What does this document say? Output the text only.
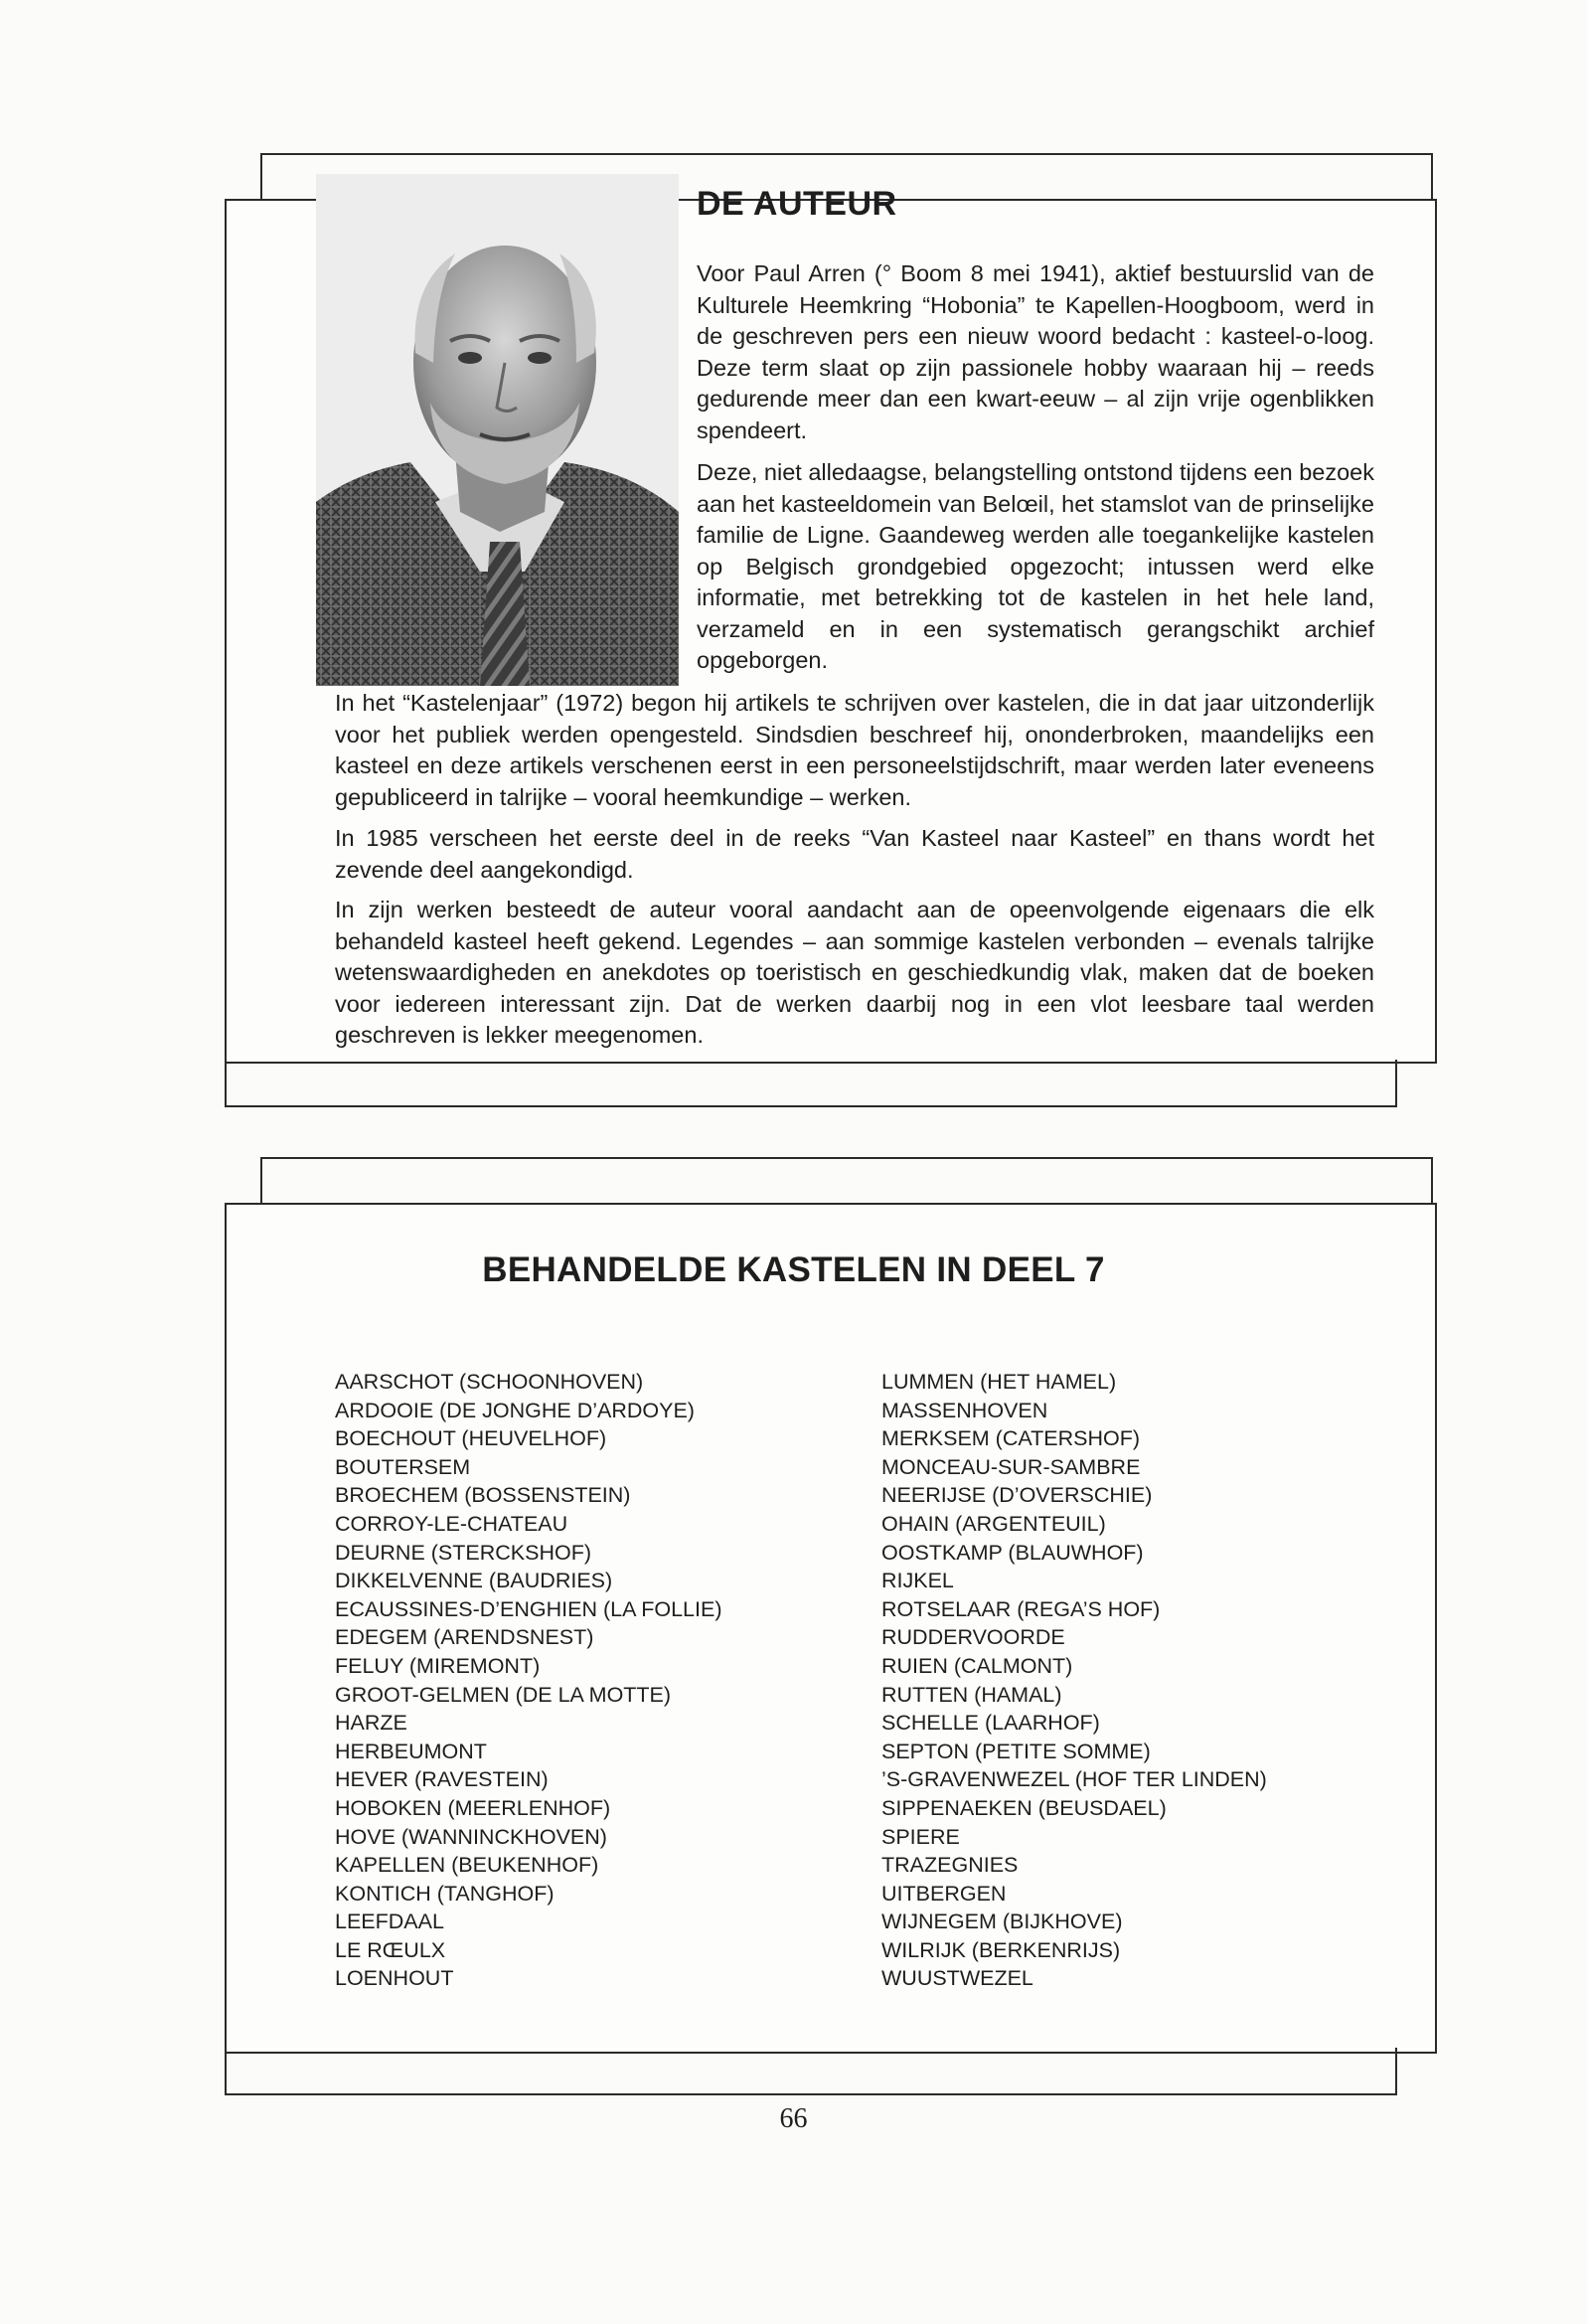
DE AUTEUR

Voor Paul Arren (° Boom 8 mei 1941), aktief bestuurslid van de Kulturele Heemkring “Hobonia” te Kapellen-Hoogboom, werd in de geschreven pers een nieuw woord bedacht : kasteel-o-loog. Deze term slaat op zijn passionele hobby waaraan hij – reeds gedurende meer dan een kwart-eeuw – al zijn vrije ogenblikken spendeert.

Deze, niet alledaagse, belangstelling ontstond tijdens een bezoek aan het kasteeldomein van Belœil, het stamslot van de prinselijke familie de Ligne. Gaandeweg werden alle toegankelijke kastelen op Belgisch grondgebied opgezocht; intussen werd elke informatie, met betrekking tot de kastelen in het hele land, verzameld en in een systematisch gerangschikt archief opgeborgen.

In het “Kastelenjaar” (1972) begon hij artikels te schrijven over kastelen, die in dat jaar uitzonderlijk voor het publiek werden opengesteld. Sindsdien beschreef hij, ononderbroken, maandelijks een kasteel en deze artikels verschenen eerst in een personeelstijdschrift, maar werden later eveneens gepubliceerd in talrijke – vooral heemkundige – werken.

In 1985 verscheen het eerste deel in de reeks “Van Kasteel naar Kasteel” en thans wordt het zevende deel aangekondigd.

In zijn werken besteedt de auteur vooral aandacht aan de opeenvolgende eigenaars die elk behandeld kasteel heeft gekend. Legendes – aan sommige kastelen verbonden – evenals talrijke wetenswaardigheden en anekdotes op toeristisch en geschiedkundig vlak, maken dat de boeken voor iedereen interessant zijn. Dat de werken daarbij nog in een vlot leesbare taal werden geschreven is lekker meegenomen.

BEHANDELDE KASTELEN IN DEEL 7
AARSCHOT (SCHOONHOVEN)
ARDOOIE (DE JONGHE D’ARDOYE)
BOECHOUT (HEUVELHOF)
BOUTERSEM
BROECHEM (BOSSENSTEIN)
CORROY-LE-CHATEAU
DEURNE (STERCKSHOF)
DIKKELVENNE (BAUDRIES)
ECAUSSINES-D’ENGHIEN (LA FOLLIE)
EDEGEM (ARENDSNEST)
FELUY (MIREMONT)
GROOT-GELMEN (DE LA MOTTE)
HARZE
HERBEUMONT
HEVER (RAVESTEIN)
HOBOKEN (MEERLENHOF)
HOVE (WANNINCKHOVEN)
KAPELLEN (BEUKENHOF)
KONTICH (TANGHOF)
LEEFDAAL
LE RŒULX
LOENHOUT
LUMMEN (HET HAMEL)
MASSENHOVEN
MERKSEM (CATERSHOF)
MONCEAU-SUR-SAMBRE
NEERIJSE (D’OVERSCHIE)
OHAIN (ARGENTEUIL)
OOSTKAMP (BLAUWHOF)
RIJKEL
ROTSELAAR (REGA’S HOF)
RUDDERVOORDE
RUIEN (CALMONT)
RUTTEN (HAMAL)
SCHELLE (LAARHOF)
SEPTON (PETITE SOMME)
’S-GRAVENWEZEL (HOF TER LINDEN)
SIPPENAEKEN (BEUSDAEL)
SPIERE
TRAZEGNIES
UITBERGEN
WIJNEGEM (BIJKHOVE)
WILRIJK (BERKENRIJS)
WUUSTWEZEL
66
